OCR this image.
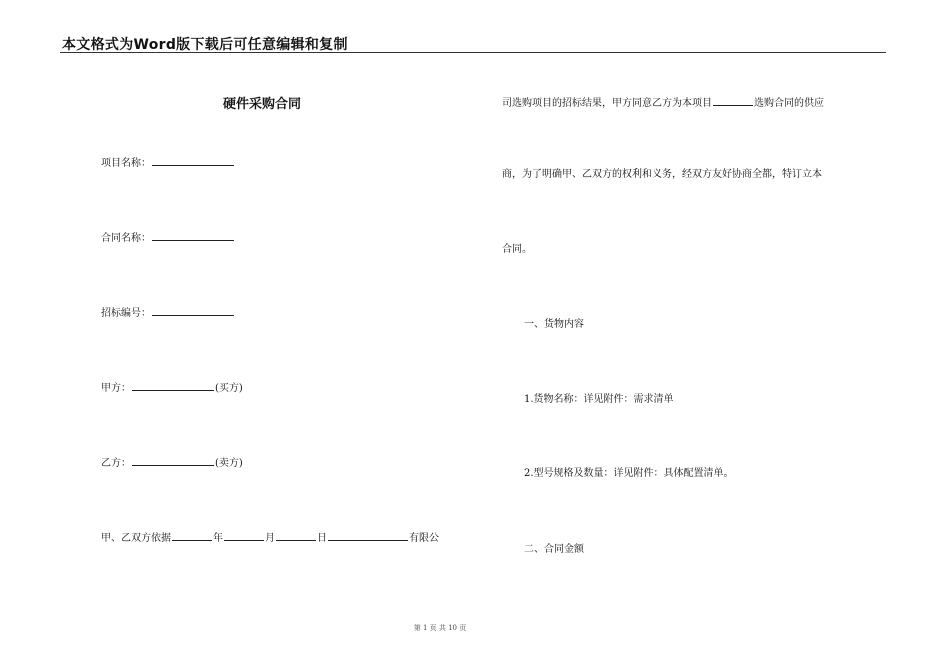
本文格式为Word版下载后可任意编辑和复制
硬件采购合同
项目名称：
合同名称：
招标编号：
甲方：	(买方)
乙方：	(卖方)
甲、乙双方依据	年	月	日	有限公
司选购项目的招标结果，甲方同意乙方为本项目	选购合同的供应
商，为了明确甲、乙双方的权利和义务，经双方友好协商全都，特订立本
合同。
一、货物内容
1.货物名称：详见附件：需求清单
2.型号规格及数量：详见附件：具体配置清单。
二、合同金额
第 1 页 共 10 页
